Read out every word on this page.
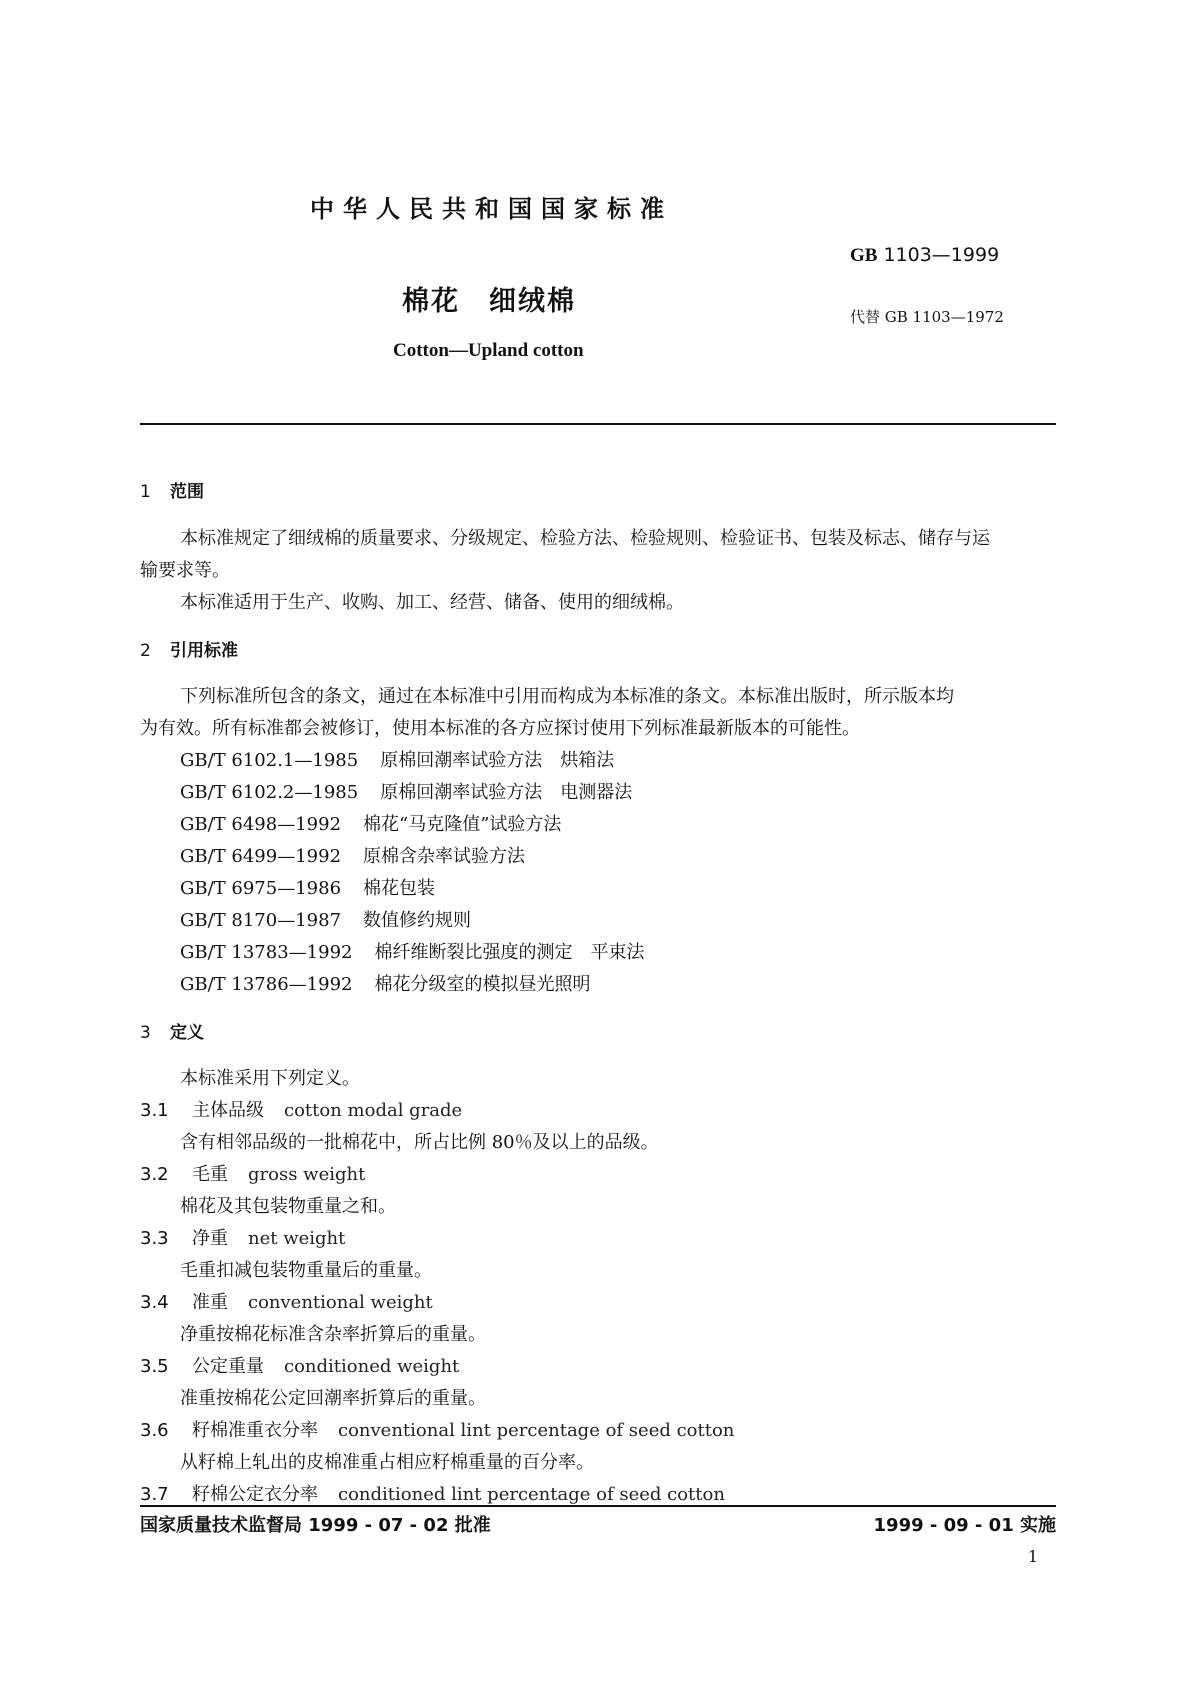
中华人民共和国国家标准
GB 1103—1999
棉花　细绒棉	代替 GB 1103—1972
Cotton—Upland cotton
1 范围
本标准规定了细绒棉的质量要求、分级规定、检验方法、检验规则、检验证书、包装及标志、储存与运
输要求等。
本标准适用于生产、收购、加工、经营、储备、使用的细绒棉。
2 引用标准
下列标准所包含的条文，通过在本标准中引用而构成为本标准的条文。本标准出版时，所示版本均
为有效。所有标准都会被修订，使用本标准的各方应探讨使用下列标准最新版本的可能性。
GB/T 6102.1—1985 原棉回潮率试验方法　烘箱法
GB/T 6102.2—1985 原棉回潮率试验方法　电测器法
GB/T 6498—1992 棉花“马克隆值”试验方法
GB/T 6499—1992 原棉含杂率试验方法
GB/T 6975—1986 棉花包装
GB/T 8170—1987 数值修约规则
GB/T 13783—1992 棉纤维断裂比强度的测定　平束法
GB/T 13786—1992 棉花分级室的模拟昼光照明
3 定义
本标准采用下列定义。
3.1 主体品级 cotton modal grade
含有相邻品级的一批棉花中，所占比例 80％及以上的品级。
3.2 毛重 gross weight
棉花及其包装物重量之和。
3.3 净重 net weight
毛重扣减包装物重量后的重量。
3.4 准重 conventional weight
净重按棉花标准含杂率折算后的重量。
3.5 公定重量 conditioned weight
准重按棉花公定回潮率折算后的重量。
3.6 籽棉准重衣分率 conventional lint percentage of seed cotton
从籽棉上轧出的皮棉准重占相应籽棉重量的百分率。
3.7 籽棉公定衣分率 conditioned lint percentage of seed cotton
国家质量技术监督局 1999 - 07 - 02 批准	1999 - 09 - 01 实施
1
